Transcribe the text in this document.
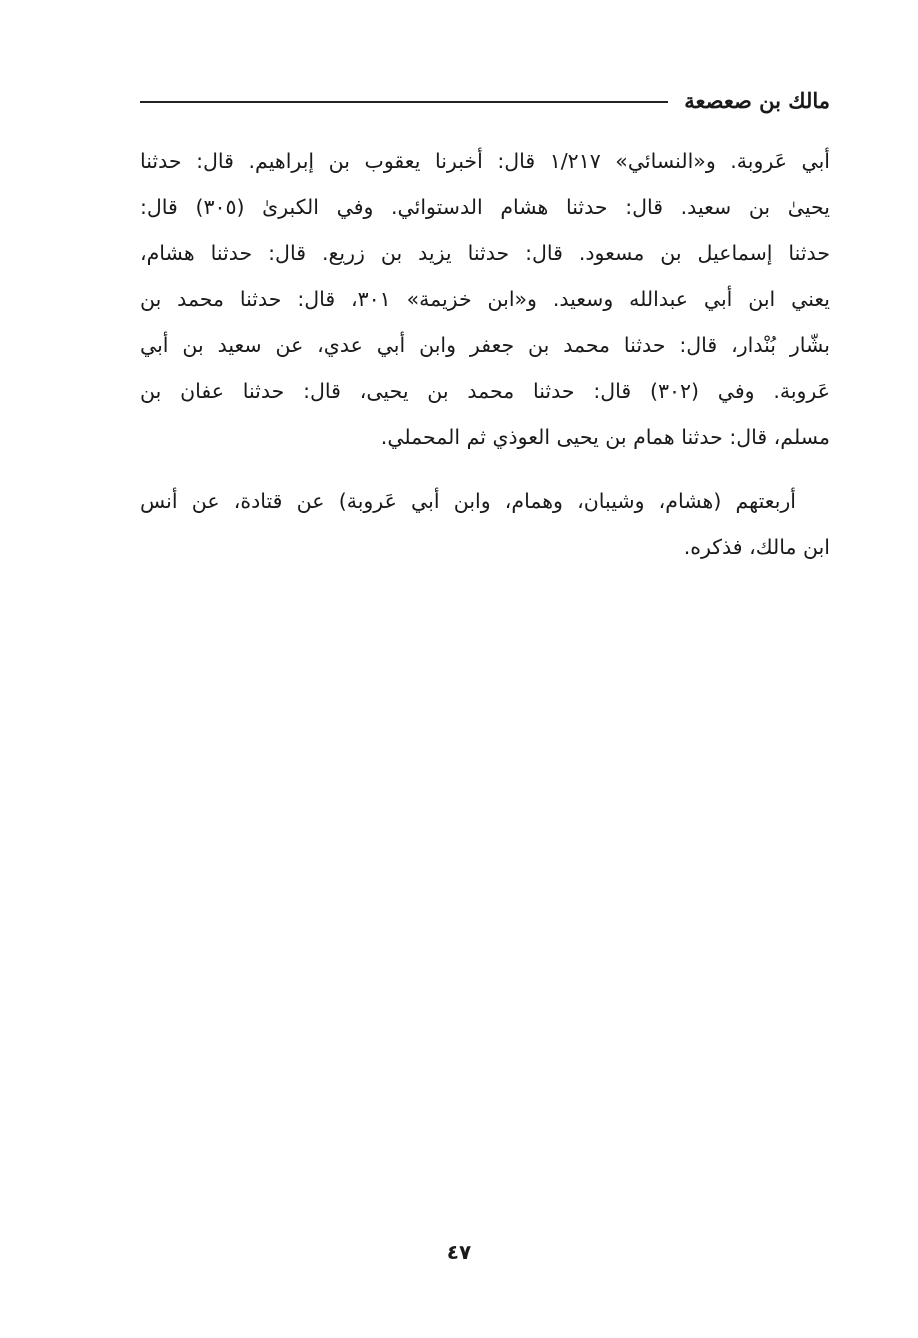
مالك بن صعصعة
أبي عَروبة. و«النسائي» ١/٢١٧ قال: أخبرنا يعقوب بن إبراهيم. قال: حدثنا
يحيىٰ بن سعيد. قال: حدثنا هشام الدستوائي. وفي الكبرىٰ (٣٠٥) قال:
حدثنا إسماعيل بن مسعود. قال: حدثنا يزيد بن زريع. قال: حدثنا هشام،
يعني ابن أبي عبدالله وسعيد. و«ابن خزيمة» ٣٠١، قال: حدثنا محمد بن
بشّار بُنْدار، قال: حدثنا محمد بن جعفر وابن أبي عدي، عن سعيد بن أبي
عَروبة. وفي (٣٠٢) قال: حدثنا محمد بن يحيى، قال: حدثنا عفان بن
مسلم، قال: حدثنا همام بن يحيى العوذي ثم المحملي.
أربعتهم (هشام، وشيبان، وهمام، وابن أبي عَروبة) عن قتادة، عن أنس
ابن مالك، فذكره.
٤٧
